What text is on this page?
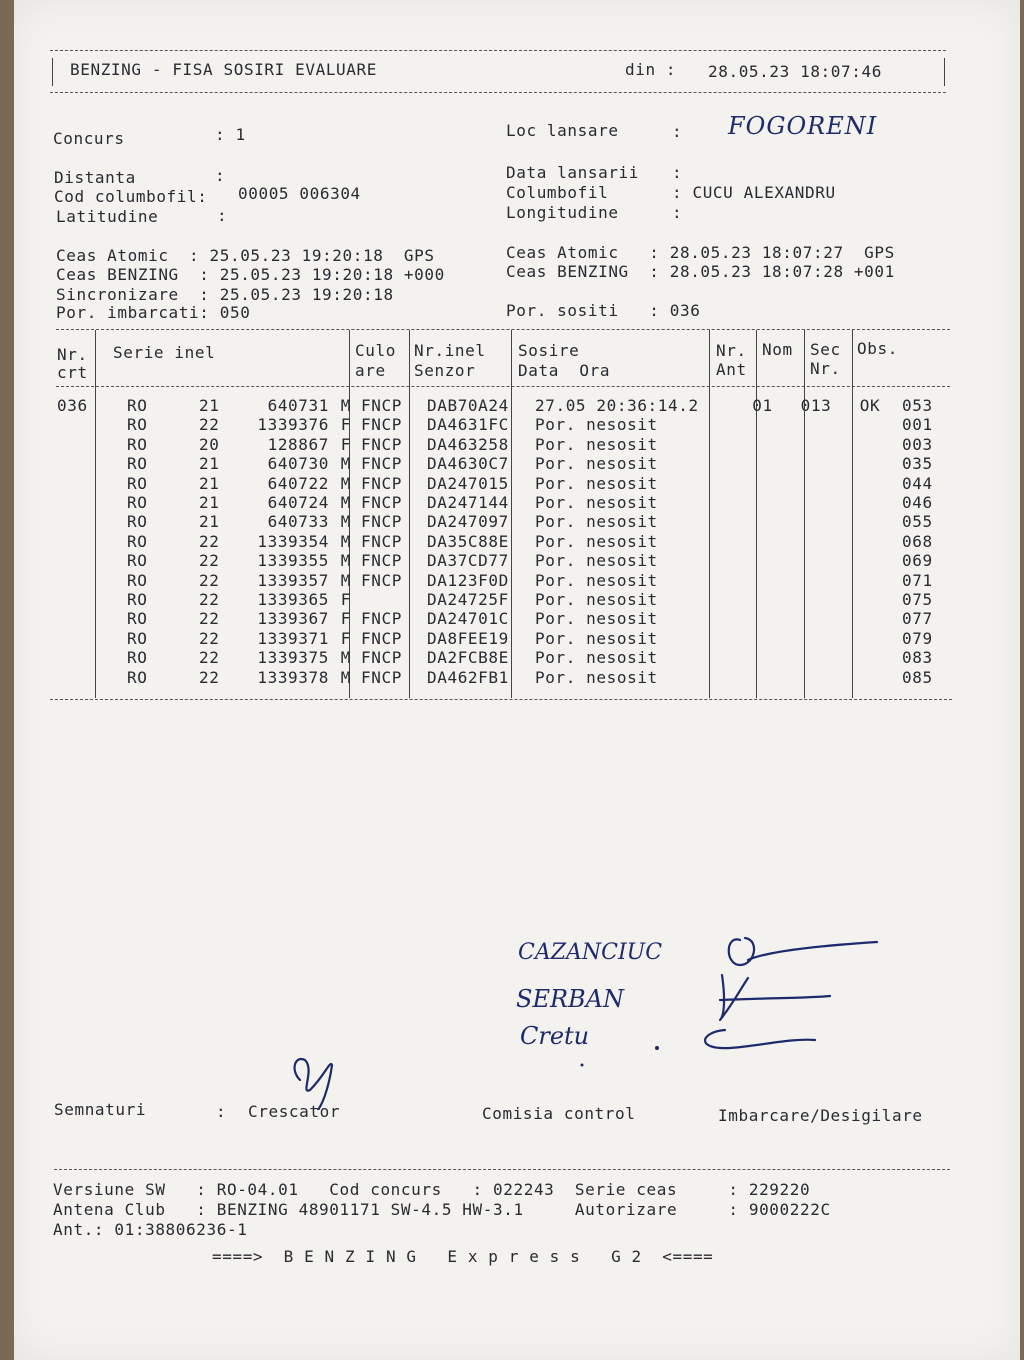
BENZING - FISA SOSIRI EVALUARE	din : 28.05.23 18:07:46
Concurs	: 1	Loc lansare	: FOGORENI
Distanta	:	Data lansarii :
Cod columbofil: 00005 006304	Columbofil	: CUCU ALEXANDRU
Latitudine	:	Longitudine	:
Ceas Atomic  : 25.05.23 19:20:18  GPS
Ceas BENZING  : 25.05.23 19:20:18 +000
Sincronizare  : 25.05.23 19:20:18
Por. imbarcati: 050
Ceas Atomic   : 28.05.23 18:07:27  GPS
Ceas BENZING  : 28.05.23 18:07:28 +001
Por. sositi   : 036
Nr.
crt
Serie inel	Culo
are
Nr.inel
Senzor
Sosire
Data  Ora
Nr.
Ant
Nom Sec
Nr.
Obs.
036	RO	21	640731	M	FNCP	DAB70A24	27.05 20:36:14.2	01	013	OK	053
	RO	22	1339376	F	FNCP	DA4631FC	Por. nesosit				001
	RO	20	128867	F	FNCP	DA463258	Por. nesosit				003
	RO	21	640730	M	FNCP	DA4630C7	Por. nesosit				035
	RO	21	640722	M	FNCP	DA247015	Por. nesosit				044
	RO	21	640724	M	FNCP	DA247144	Por. nesosit				046
	RO	21	640733	M	FNCP	DA247097	Por. nesosit				055
	RO	22	1339354	M	FNCP	DA35C88E	Por. nesosit				068
	RO	22	1339355	M	FNCP	DA37CD77	Por. nesosit				069
	RO	22	1339357	M	FNCP	DA123F0D	Por. nesosit				071
	RO	22	1339365	F		DA24725F	Por. nesosit				075
	RO	22	1339367	F	FNCP	DA24701C	Por. nesosit				077
	RO	22	1339371	F	FNCP	DA8FEE19	Por. nesosit				079
	RO	22	1339375	M	FNCP	DA2FCB8E	Por. nesosit				083
	RO	22	1339378	M	FNCP	DA462FB1	Por. nesosit				085
CAZANCIUC
SERBAN
Cretu
Semnaturi	: Crescator	Comisia control	Imbarcare/Desigilare
Versiune SW   : RO-04.01   Cod concurs   : 022243  Serie ceas     : 229220
Antena Club   : BENZING 48901171 SW-4.5 HW-3.1     Autorizare     : 9000222C
Ant.: 01:38806236-1
====>  B E N Z I N G   E x p r e s s   G 2  <====
